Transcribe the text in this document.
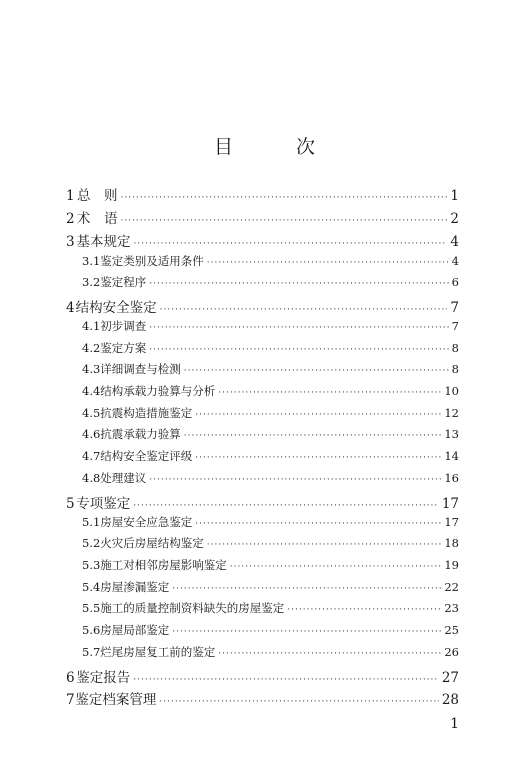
目　次
1 总　则 ·····	1
2 术　语 ·····	2
3 基本规定 ·····	4
3.1 鉴定类别及适用条件 ·····	4
3.2 鉴定程序 ·····	6
4 结构安全鉴定 ·····	7
4.1 初步调查 ·····	7
4.2 鉴定方案 ·····	8
4.3 详细调查与检测 ·····	8
4.4 结构承载力验算与分析 ·····	10
4.5 抗震构造措施鉴定 ·····	12
4.6 抗震承载力验算 ·····	13
4.7 结构安全鉴定评级 ·····	14
4.8 处理建议 ·····	16
5 专项鉴定 ·····	17
5.1 房屋安全应急鉴定 ·····	17
5.2 火灾后房屋结构鉴定 ·····	18
5.3 施工对相邻房屋影响鉴定 ·····	19
5.4 房屋渗漏鉴定 ·····	22
5.5 施工的质量控制资料缺失的房屋鉴定 ·····	23
5.6 房屋局部鉴定 ·····	25
5.7 烂尾房屋复工前的鉴定 ·····	26
6 鉴定报告 ·····	27
7 鉴定档案管理 ·····	28
1
